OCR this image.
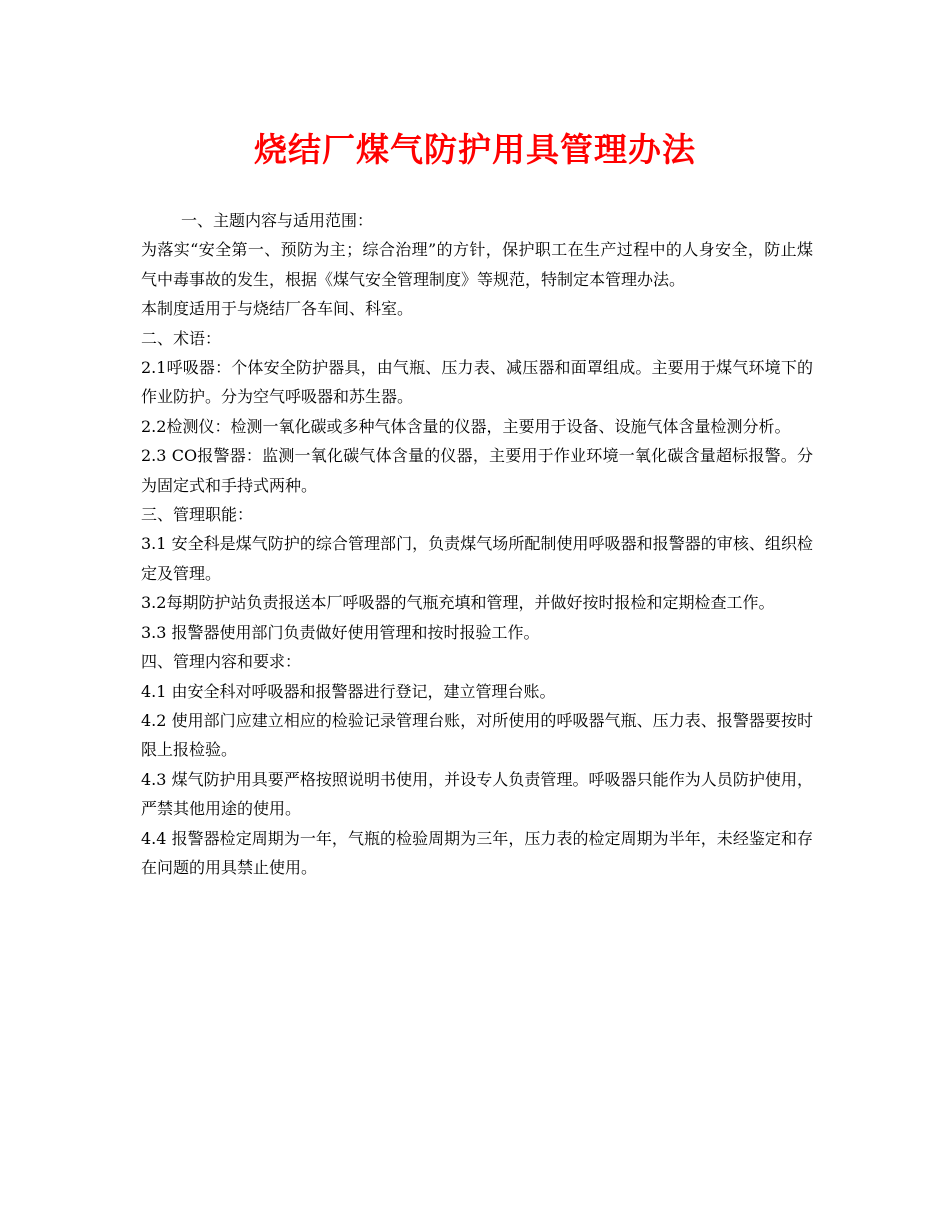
烧结厂煤气防护用具管理办法

一、主题内容与适用范围：

为落实“安全第一、预防为主；综合治理”的方针，保护职工在生产过程中的人身安全，防止煤气中毒事故的发生，根据《煤气安全管理制度》等规范，特制定本管理办法。

本制度适用于与烧结厂各车间、科室。

二、术语：

2.1呼吸器：个体安全防护器具，由气瓶、压力表、减压器和面罩组成。主要用于煤气环境下的作业防护。分为空气呼吸器和苏生器。

2.2检测仪：检测一氧化碳或多种气体含量的仪器，主要用于设备、设施气体含量检测分析。

2.3 CO报警器：监测一氧化碳气体含量的仪器，主要用于作业环境一氧化碳含量超标报警。分为固定式和手持式两种。

三、管理职能：

3.1 安全科是煤气防护的综合管理部门，负责煤气场所配制使用呼吸器和报警器的审核、组织检定及管理。

3.2每期防护站负责报送本厂呼吸器的气瓶充填和管理，并做好按时报检和定期检查工作。

3.3 报警器使用部门负责做好使用管理和按时报验工作。

四、管理内容和要求：

4.1 由安全科对呼吸器和报警器进行登记，建立管理台账。

4.2 使用部门应建立相应的检验记录管理台账，对所使用的呼吸器气瓶、压力表、报警器要按时限上报检验。

4.3 煤气防护用具要严格按照说明书使用，并设专人负责管理。呼吸器只能作为人员防护使用，严禁其他用途的使用。

4.4 报警器检定周期为一年，气瓶的检验周期为三年，压力表的检定周期为半年，未经鉴定和存在问题的用具禁止使用。
